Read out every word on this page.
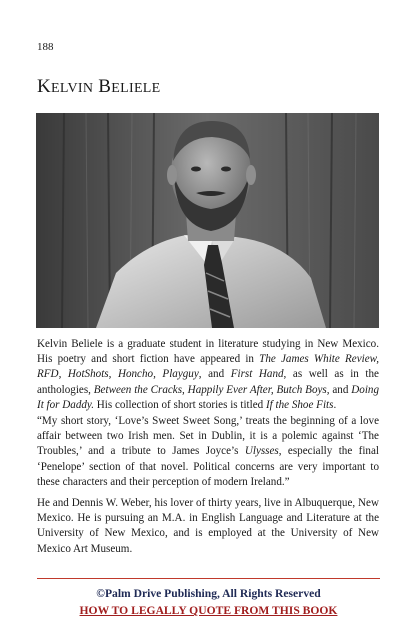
188
KELVIN BELIELE

Kelvin Beliele is a graduate student in literature studying in New Mexico. His poetry and short fiction have appeared in The James White Review, RFD, HotShots, Honcho, Playguy, and First Hand, as well as in the anthologies, Between the Cracks, Happily Ever After, Butch Boys, and Doing It for Daddy. His collection of short stories is titled If the Shoe Fits.

“My short story, ‘Love’s Sweet Sweet Song,’ treats the beginning of a love affair between two Irish men. Set in Dublin, it is a polemic against ‘The Troubles,’ and a tribute to James Joyce’s Ulysses, especially the final ‘Penelope’ section of that novel. Political concerns are very important to these characters and their perception of modern Ireland.”

He and Dennis W. Weber, his lover of thirty years, live in Albuquerque, New Mexico. He is pursuing an M.A. in English Language and Literature at the University of New Mexico, and is employed at the University of New Mexico Art Museum.

©Palm Drive Publishing, All Rights Reserved
HOW TO LEGALLY QUOTE FROM THIS BOOK
